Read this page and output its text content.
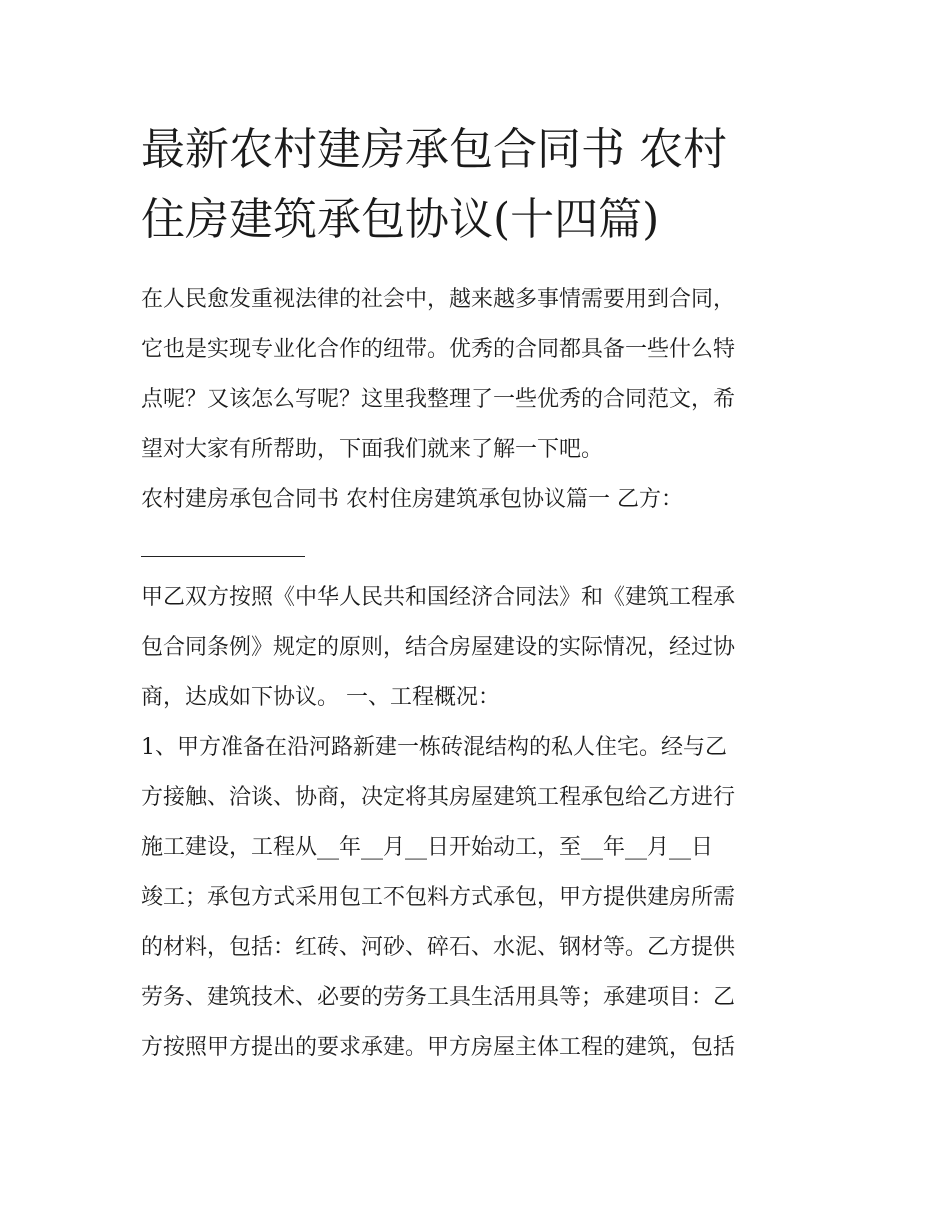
最新农村建房承包合同书 农村
住房建筑承包协议(十四篇)
在人民愈发重视法律的社会中，越来越多事情需要用到合同，
它也是实现专业化合作的纽带。优秀的合同都具备一些什么特
点呢？又该怎么写呢？这里我整理了一些优秀的合同范文，希
望对大家有所帮助，下面我们就来了解一下吧。
农村建房承包合同书 农村住房建筑承包协议篇一 乙方：
甲乙双方按照《中华人民共和国经济合同法》和《建筑工程承
包合同条例》规定的原则，结合房屋建设的实际情况，经过协
商，达成如下协议。 一、工程概况：
1、甲方准备在沿河路新建一栋砖混结构的私人住宅。经与乙
方接触、洽谈、协商，决定将其房屋建筑工程承包给乙方进行
施工建设，工程从__年__月__日开始动工，至__年__月__日
竣工；承包方式采用包工不包料方式承包，甲方提供建房所需
的材料，包括：红砖、河砂、碎石、水泥、钢材等。乙方提供
劳务、建筑技术、必要的劳务工具生活用具等；承建项目：乙
方按照甲方提出的要求承建。甲方房屋主体工程的建筑，包括
